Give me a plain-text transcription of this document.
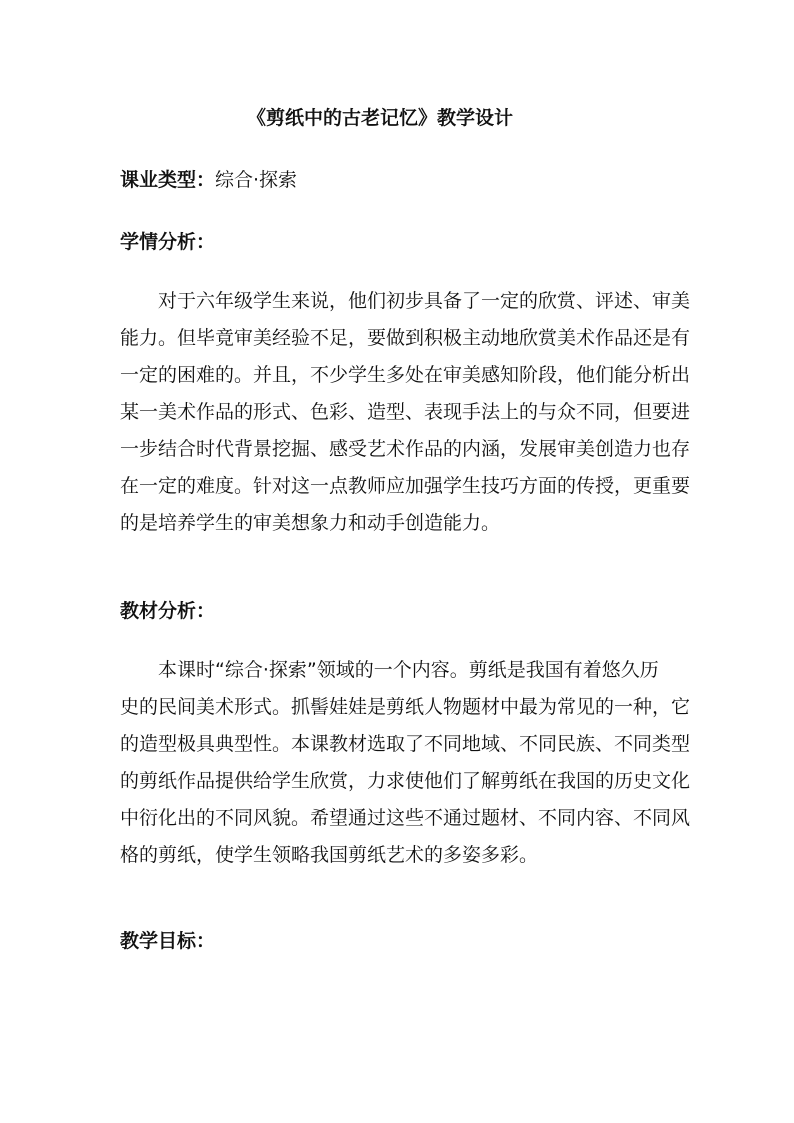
《剪纸中的古老记忆》教学设计
课业类型：综合·探索
学情分析：
对于六年级学生来说，他们初步具备了一定的欣赏、评述、审美
能力。但毕竟审美经验不足，要做到积极主动地欣赏美术作品还是有
一定的困难的。并且，不少学生多处在审美感知阶段，他们能分析出
某一美术作品的形式、色彩、造型、表现手法上的与众不同，但要进
一步结合时代背景挖掘、感受艺术作品的内涵，发展审美创造力也存
在一定的难度。针对这一点教师应加强学生技巧方面的传授，更重要
的是培养学生的审美想象力和动手创造能力。
教材分析：
本课时“综合·探索”领域的一个内容。剪纸是我国有着悠久历
史的民间美术形式。抓髻娃娃是剪纸人物题材中最为常见的一种，它
的造型极具典型性。本课教材选取了不同地域、不同民族、不同类型
的剪纸作品提供给学生欣赏，力求使他们了解剪纸在我国的历史文化
中衍化出的不同风貌。希望通过这些不通过题材、不同内容、不同风
格的剪纸，使学生领略我国剪纸艺术的多姿多彩。
教学目标：
